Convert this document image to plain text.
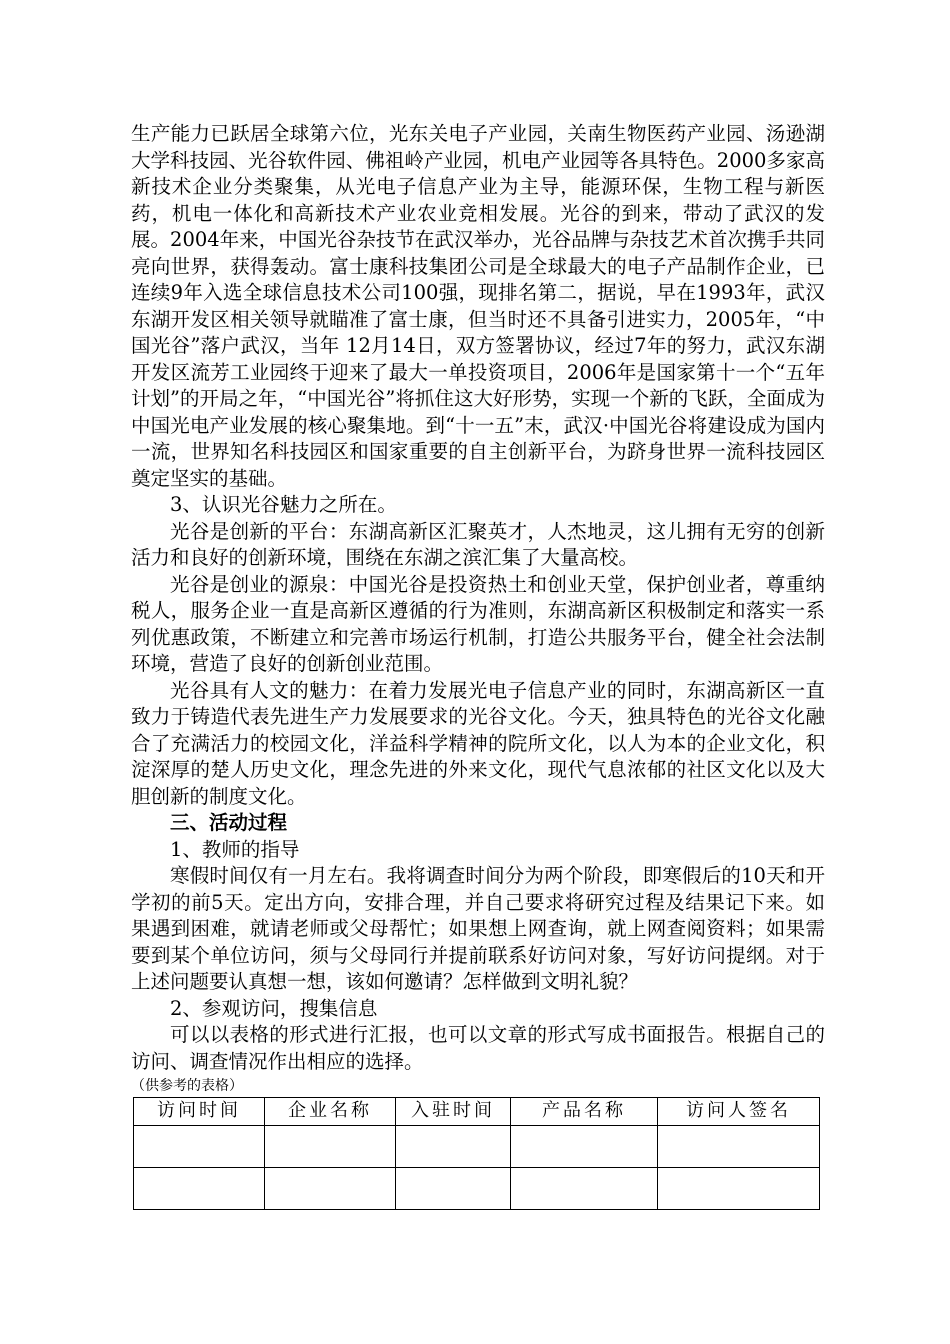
生产能力已跃居全球第六位，光东关电子产业园，关南生物医药产业园、汤逊湖大学科技园、光谷软件园、佛祖岭产业园，机电产业园等各具特色。2000多家高新技术企业分类聚集，从光电子信息产业为主导，能源环保，生物工程与新医药，机电一体化和高新技术产业农业竞相发展。光谷的到来，带动了武汉的发展。2004年来，中国光谷杂技节在武汉举办，光谷品牌与杂技艺术首次携手共同亮向世界，获得轰动。富士康科技集团公司是全球最大的电子产品制作企业，已连续9年入选全球信息技术公司100强，现排名第二，据说，早在1993年，武汉东湖开发区相关领导就瞄准了富士康，但当时还不具备引进实力，2005年，“中国光谷”落户武汉，当年 12月14日，双方签署协议，经过7年的努力，武汉东湖开发区流芳工业园终于迎来了最大一单投资项目，2006年是国家第十一个“五年计划”的开局之年，“中国光谷”将抓住这大好形势，实现一个新的飞跃，全面成为中国光电产业发展的核心聚集地。到“十一五”末，武汉·中国光谷将建设成为国内一流，世界知名科技园区和国家重要的自主创新平台，为跻身世界一流科技园区奠定坚实的基础。

3、认识光谷魅力之所在。

光谷是创新的平台：东湖高新区汇聚英才，人杰地灵，这儿拥有无穷的创新活力和良好的创新环境，围绕在东湖之滨汇集了大量高校。

光谷是创业的源泉：中国光谷是投资热土和创业天堂，保护创业者，尊重纳税人，服务企业一直是高新区遵循的行为准则，东湖高新区积极制定和落实一系列优惠政策，不断建立和完善市场运行机制，打造公共服务平台，健全社会法制环境，营造了良好的创新创业范围。

光谷具有人文的魅力：在着力发展光电子信息产业的同时，东湖高新区一直致力于铸造代表先进生产力发展要求的光谷文化。今天，独具特色的光谷文化融合了充满活力的校园文化，洋益科学精神的院所文化，以人为本的企业文化，积淀深厚的楚人历史文化，理念先进的外来文化，现代气息浓郁的社区文化以及大胆创新的制度文化。

三、活动过程

1、教师的指导

寒假时间仅有一月左右。我将调查时间分为两个阶段，即寒假后的10天和开学初的前5天。定出方向，安排合理，并自己要求将研究过程及结果记下来。如果遇到困难，就请老师或父母帮忙；如果想上网查询，就上网查阅资料；如果需要到某个单位访问，须与父母同行并提前联系好访问对象，写好访问提纲。对于上述问题要认真想一想，该如何邀请？怎样做到文明礼貌？

2、参观访问，搜集信息

可以以表格的形式进行汇报，也可以文章的形式写成书面报告。根据自己的访问、调查情况作出相应的选择。

（供参考的表格）

访问时间	企业名称	入驻时间	产品名称	访问人签名
